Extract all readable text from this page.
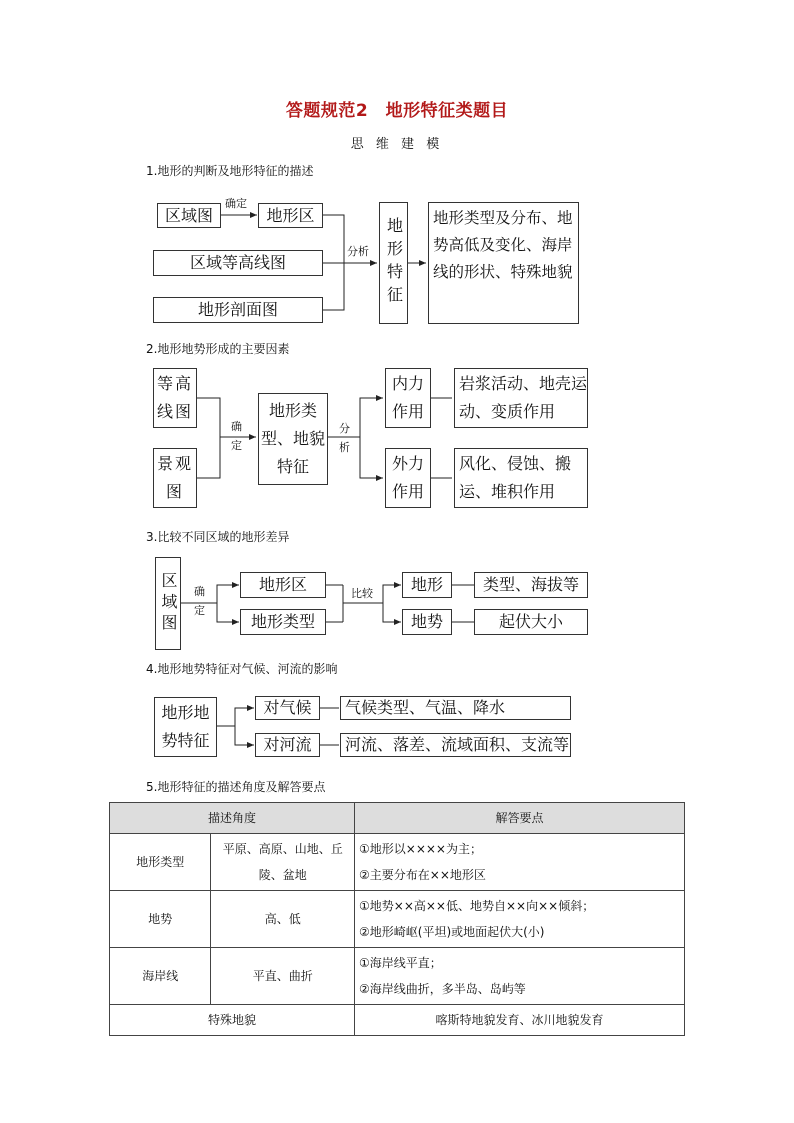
答题规范2　地形特征类题目
思 维 建 模
1.地形的判断及地形特征的描述
区域图
确定
地形区
区域等高线图
地形剖面图
分析 地形特征	地形类型及分布、地势高低及变化、海岸线的形状、特殊地貌
2.地形地势形成的主要因素
等高线图
景观图
确定
地形类型、地貌特征
分析
内力作用
岩浆活动、地壳运动、变质作用
外力作用
风化、侵蚀、搬运、堆积作用
3.比较不同区域的地形差异
区域图 确定
地形区
地形类型
比较	地形	类型、海拔等
地势	起伏大小
4.地形地势特征对气候、河流的影响
地形地势特征
对气候	气候类型、气温、降水
对河流	河流、落差、流域面积、支流等
5.地形特征的描述角度及解答要点
描述角度		解答要点
地形类型	平原、高原、山地、丘陵、盆地	①地形以××××为主；
②主要分布在××地形区

地势	高、低	①地势××高××低、地势自××向××倾斜；
②地形崎岖(平坦)或地面起伏大(小)

海岸线	平直、曲折	①海岸线平直；
②海岸线曲折，多半岛、岛屿等

特殊地貌		喀斯特地貌发育、冰川地貌发育
